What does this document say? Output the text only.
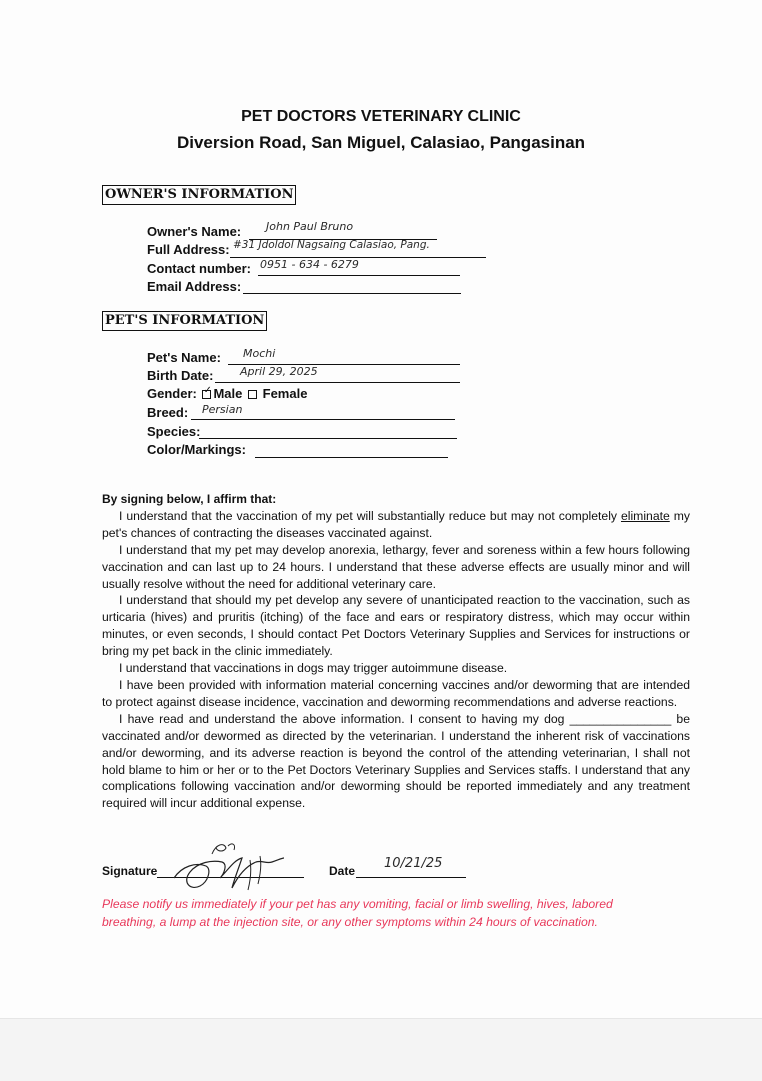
PET DOCTORS VETERINARY CLINIC
Diversion Road, San Miguel, Calasiao, Pangasinan
OWNER'S INFORMATION
Owner's Name: John Paul Bruno
Full Address: #31 Jdoldol Nagsaing Calasiao, Pang.
Contact number: 0951 - 634 - 6279
Email Address:
PET'S INFORMATION
Pet's Name: Mochi
Birth Date: April 29, 2025
Gender: ✓ Male Female
Breed: Persian
Species:
Color/Markings:

By signing below, I affirm that:

I understand that the vaccination of my pet will substantially reduce but may not completely eliminate my pet's chances of contracting the diseases vaccinated against.

I understand that my pet may develop anorexia, lethargy, fever and soreness within a few hours following vaccination and can last up to 24 hours. I understand that these adverse effects are usually minor and will usually resolve without the need for additional veterinary care.

I understand that should my pet develop any severe of unanticipated reaction to the vaccination, such as urticaria (hives) and pruritis (itching) of the face and ears or respiratory distress, which may occur within minutes, or even seconds, I should contact Pet Doctors Veterinary Supplies and Services for instructions or bring my pet back in the clinic immediately.

I understand that vaccinations in dogs may trigger autoimmune disease.

I have been provided with information material concerning vaccines and/or deworming that are intended to protect against disease incidence, vaccination and deworming recommendations and adverse reactions.

I have read and understand the above information. I consent to having my dog _______________ be vaccinated and/or dewormed as directed by the veterinarian. I understand the inherent risk of vaccinations and/or deworming, and its adverse reaction is beyond the control of the attending veterinarian, I shall not hold blame to him or her or to the Pet Doctors Veterinary Supplies and Services staffs. I understand that any complications following vaccination and/or deworming should be reported immediately and any treatment required will incur additional expense.

Signature	Date 10/21/25
Please notify us immediately if your pet has any vomiting, facial or limb swelling, hives, labored breathing, a lump at the injection site, or any other symptoms within 24 hours of vaccination.
